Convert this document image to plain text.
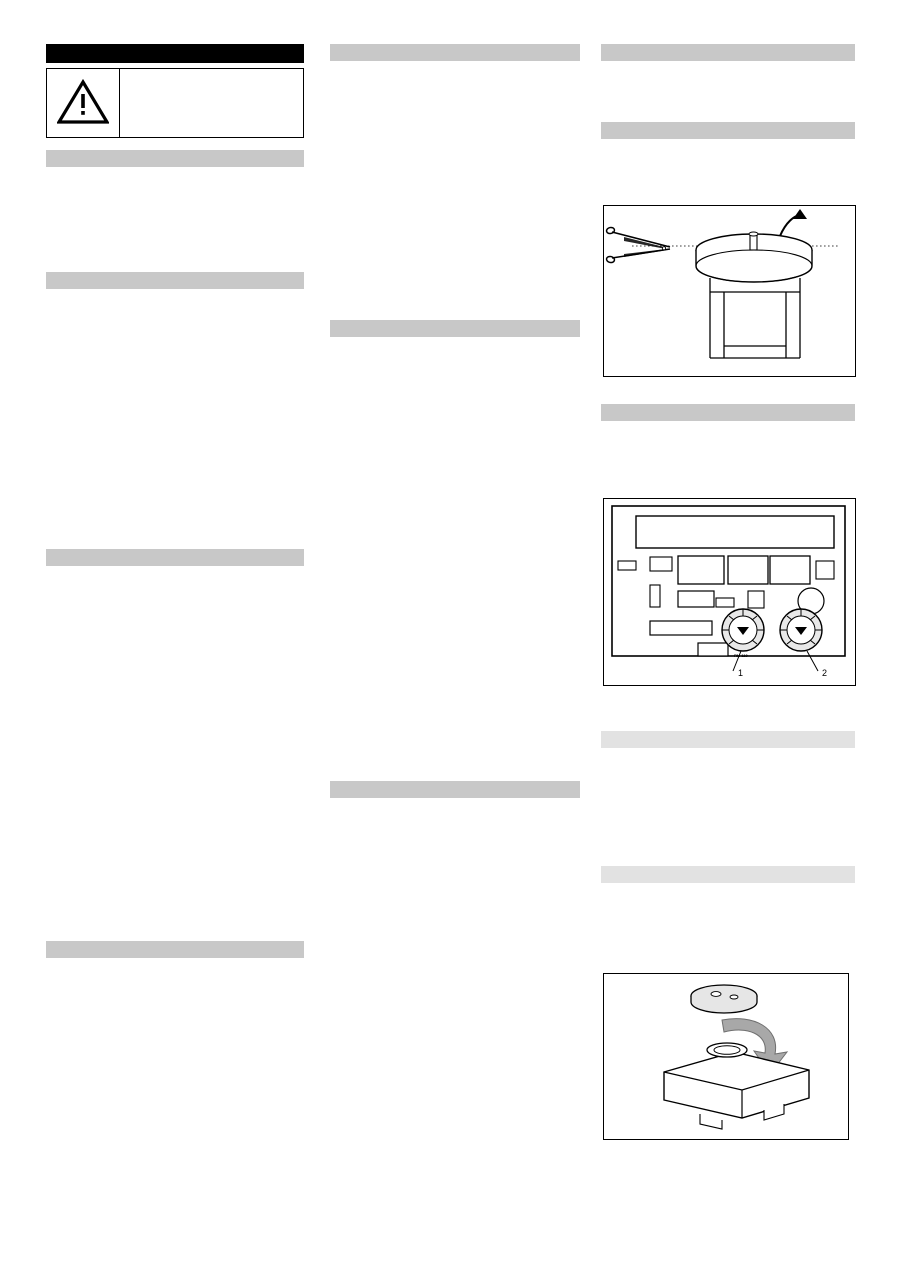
RM 110
1	2
